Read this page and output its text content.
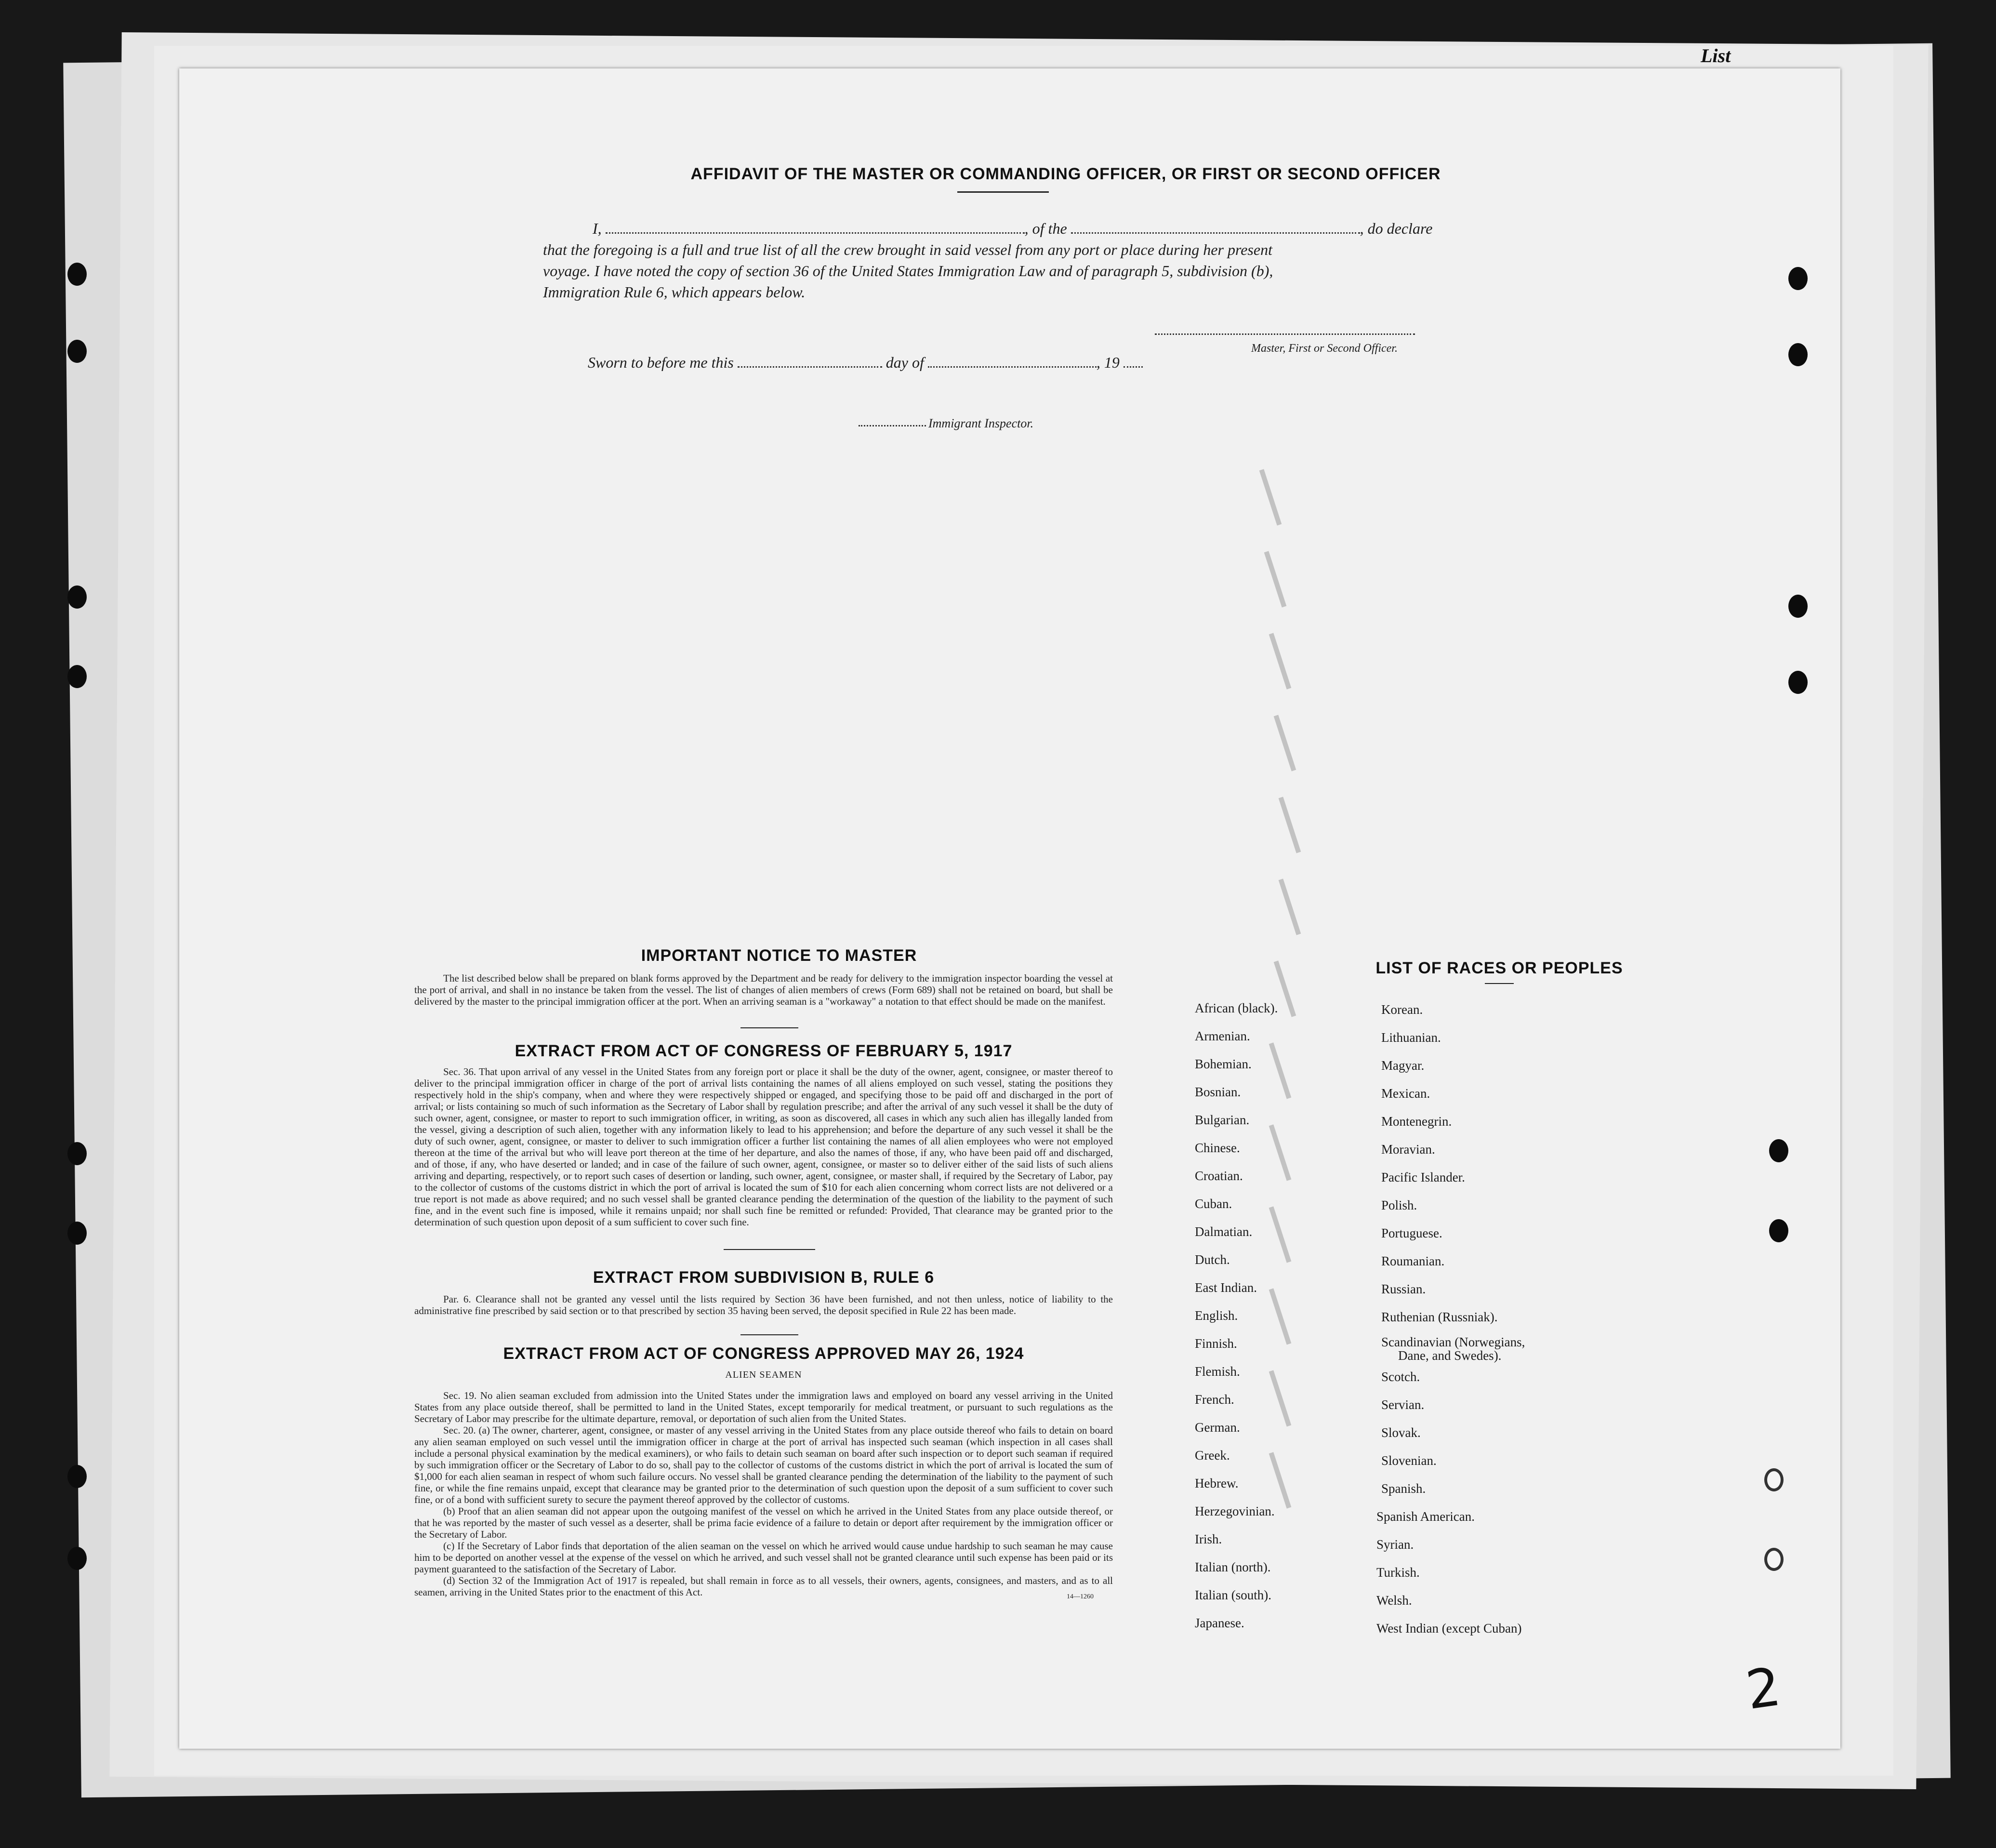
List
AFFIDAVIT OF THE MASTER OR COMMANDING OFFICER, OR FIRST OR SECOND OFFICER
I,	, of the	, do declare
that the foregoing is a full and true list of all the crew brought in said vessel from any port or place during her present
voyage. I have noted the copy of section 36 of the United States Immigration Law and of paragraph 5, subdivision (b),
Immigration Rule 6, which appears below.
Master, First or Second Officer.
Sworn to before me this	day of	, 19
Immigrant Inspector.
IMPORTANT NOTICE TO MASTER
The list described below shall be prepared on blank forms approved by the Department and be ready for delivery to the immigration inspector boarding the vessel at the port of arrival, and shall in no instance be taken from the vessel. The list of changes of alien members of crews (Form 689) shall not be retained on board, but shall be delivered by the master to the principal immigration officer at the port. When an arriving seaman is a "workaway" a notation to that effect should be made on the manifest.
EXTRACT FROM ACT OF CONGRESS OF FEBRUARY 5, 1917
Sec. 36. That upon arrival of any vessel in the United States from any foreign port or place it shall be the duty of the owner, agent, consignee, or master thereof to deliver to the principal immigration officer in charge of the port of arrival lists containing the names of all aliens employed on such vessel, stating the positions they respectively hold in the ship's company, when and where they were respectively shipped or engaged, and specifying those to be paid off and discharged in the port of arrival; or lists containing so much of such information as the Secretary of Labor shall by regulation prescribe; and after the arrival of any such vessel it shall be the duty of such owner, agent, consignee, or master to report to such immigration officer, in writing, as soon as discovered, all cases in which any such alien has illegally landed from the vessel, giving a description of such alien, together with any information likely to lead to his apprehension; and before the departure of any such vessel it shall be the duty of such owner, agent, consignee, or master to deliver to such immigration officer a further list containing the names of all alien employees who were not employed thereon at the time of the arrival but who will leave port thereon at the time of her departure, and also the names of those, if any, who have been paid off and discharged, and of those, if any, who have deserted or landed; and in case of the failure of such owner, agent, consignee, or master so to deliver either of the said lists of such aliens arriving and departing, respectively, or to report such cases of desertion or landing, such owner, agent, consignee, or master shall, if required by the Secretary of Labor, pay to the collector of customs of the customs district in which the port of arrival is located the sum of $10 for each alien concerning whom correct lists are not delivered or a true report is not made as above required; and no such vessel shall be granted clearance pending the determination of the question of the liability to the payment of such fine, and in the event such fine is imposed, while it remains unpaid; nor shall such fine be remitted or refunded: Provided, That clearance may be granted prior to the determination of such question upon deposit of a sum sufficient to cover such fine.
EXTRACT FROM SUBDIVISION B, RULE 6
Par. 6. Clearance shall not be granted any vessel until the lists required by Section 36 have been furnished, and not then unless, notice of liability to the administrative fine prescribed by said section or to that prescribed by section 35 having been served, the deposit specified in Rule 22 has been made.
EXTRACT FROM ACT OF CONGRESS APPROVED MAY 26, 1924
ALIEN SEAMEN
Sec. 19. No alien seaman excluded from admission into the United States under the immigration laws and employed on board any vessel arriving in the United States from any place outside thereof, shall be permitted to land in the United States, except temporarily for medical treatment, or pursuant to such regulations as the Secretary of Labor may prescribe for the ultimate departure, removal, or deportation of such alien from the United States.
Sec. 20. (a) The owner, charterer, agent, consignee, or master of any vessel arriving in the United States from any place outside thereof who fails to detain on board any alien seaman employed on such vessel until the immigration officer in charge at the port of arrival has inspected such seaman (which inspection in all cases shall include a personal physical examination by the medical examiners), or who fails to detain such seaman on board after such inspection or to deport such seaman if required by such immigration officer or the Secretary of Labor to do so, shall pay to the collector of customs of the customs district in which the port of arrival is located the sum of $1,000 for each alien seaman in respect of whom such failure occurs. No vessel shall be granted clearance pending the determination of the liability to the payment of such fine, or while the fine remains unpaid, except that clearance may be granted prior to the determination of such question upon the deposit of a sum sufficient to cover such fine, or of a bond with sufficient surety to secure the payment thereof approved by the collector of customs.
(b) Proof that an alien seaman did not appear upon the outgoing manifest of the vessel on which he arrived in the United States from any place outside thereof, or that he was reported by the master of such vessel as a deserter, shall be prima facie evidence of a failure to detain or deport after requirement by the immigration officer or the Secretary of Labor.
(c) If the Secretary of Labor finds that deportation of the alien seaman on the vessel on which he arrived would cause undue hardship to such seaman he may cause him to be deported on another vessel at the expense of the vessel on which he arrived, and such vessel shall not be granted clearance until such expense has been paid or its payment guaranteed to the satisfaction of the Secretary of Labor.
(d) Section 32 of the Immigration Act of 1917 is repealed, but shall remain in force as to all vessels, their owners, agents, consignees, and masters, and as to all seamen, arriving in the United States prior to the enactment of this Act.	14—1260
LIST OF RACES OR PEOPLES
African (black).
Armenian.
Bohemian.
Bosnian.
Bulgarian.
Chinese.
Croatian.
Cuban.
Dalmatian.
Dutch.
East Indian.
English.
Finnish.
Flemish.
French.
German.
Greek.
Hebrew.
Herzegovinian.
Irish.
Italian (north).
Italian (south).
Japanese.
Korean.
Lithuanian.
Magyar.
Mexican.
Montenegrin.
Moravian.
Pacific Islander.
Polish.
Portuguese.
Roumanian.
Russian.
Ruthenian (Russniak).
Scandinavian (Norwegians,
Dane, and Swedes).
Scotch.
Servian.
Slovak.
Slovenian.
Spanish.
Spanish American.
Syrian.
Turkish.
Welsh.
West Indian (except Cuban)
2
